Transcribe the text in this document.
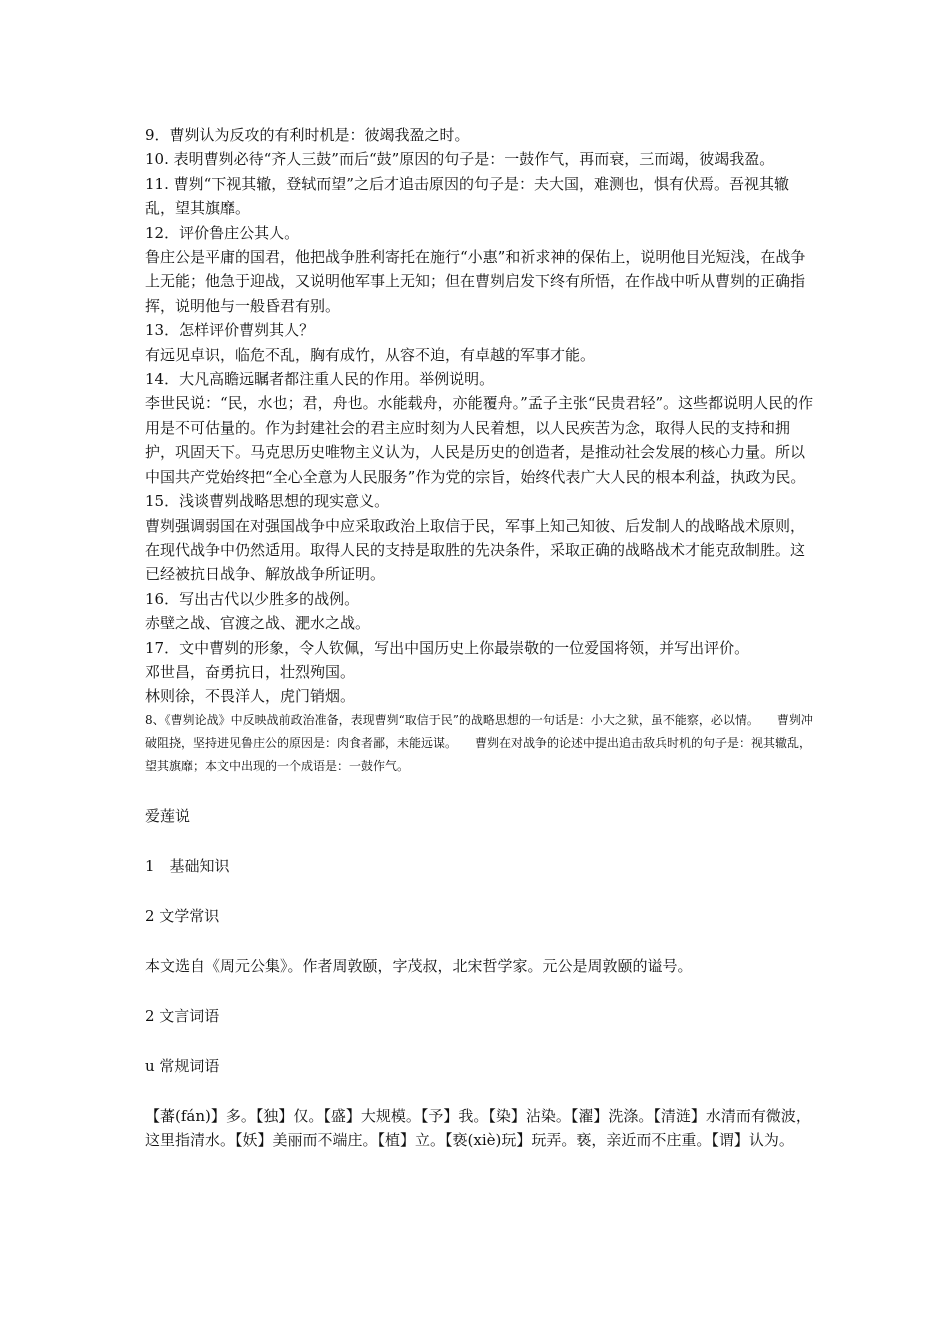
9．曹刿认为反攻的有利时机是：彼竭我盈之时。

10. 表明曹刿必待“齐人三鼓”而后“鼓”原因的句子是：一鼓作气，再而衰，三而竭，彼竭我盈。

11. 曹刿“下视其辙，登轼而望”之后才追击原因的句子是：夫大国，难测也，惧有伏焉。吾视其辙乱，望其旗靡。

12．评价鲁庄公其人。

鲁庄公是平庸的国君，他把战争胜利寄托在施行“小惠”和祈求神的保佑上，说明他目光短浅，在战争上无能；他急于迎战，又说明他军事上无知；但在曹刿启发下终有所悟，在作战中听从曹刿的正确指挥，说明他与一般昏君有别。

13．怎样评价曹刿其人？

有远见卓识，临危不乱，胸有成竹，从容不迫，有卓越的军事才能。

14．大凡高瞻远瞩者都注重人民的作用。举例说明。

李世民说：“民，水也；君，舟也。水能载舟，亦能覆舟。”孟子主张“民贵君轻”。这些都说明人民的作用是不可估量的。作为封建社会的君主应时刻为人民着想，以人民疾苦为念，取得人民的支持和拥护，巩固天下。马克思历史唯物主义认为，人民是历史的创造者，是推动社会发展的核心力量。所以中国共产党始终把“全心全意为人民服务”作为党的宗旨，始终代表广大人民的根本利益，执政为民。

15．浅谈曹刿战略思想的现实意义。

曹刿强调弱国在对强国战争中应采取政治上取信于民，军事上知己知彼、后发制人的战略战术原则，在现代战争中仍然适用。取得人民的支持是取胜的先决条件，采取正确的战略战术才能克敌制胜。这已经被抗日战争、解放战争所证明。

16．写出古代以少胜多的战例。

赤壁之战、官渡之战、淝水之战。

17．文中曹刿的形象，令人钦佩，写出中国历史上你最崇敬的一位爱国将领，并写出评价。

邓世昌，奋勇抗日，壮烈殉国。

林则徐，不畏洋人，虎门销烟。

8、《曹刿论战》中反映战前政治准备，表现曹刿“取信于民”的战略思想的一句话是：小大之狱，虽不能察，必以情。　　曹刿冲破阻挠，坚持进见鲁庄公的原因是：肉食者鄙，未能远谋。　　曹刿在对战争的论述中提出追击敌兵时机的句子是：视其辙乱，望其旗靡；本文中出现的一个成语是：一鼓作气。

爱莲说

1　基础知识

2 文学常识

本文选自《周元公集》。作者周敦颐，字茂叔，北宋哲学家。元公是周敦颐的谥号。

2 文言词语

u 常规词语

【蕃(fán)】多。【独】仅。【盛】大规模。【予】我。【染】沾染。【濯】洗涤。【清涟】水清而有微波，这里指清水。【妖】美丽而不端庄。【植】立。【亵(xiè)玩】玩弄。亵，亲近而不庄重。【谓】认为。
